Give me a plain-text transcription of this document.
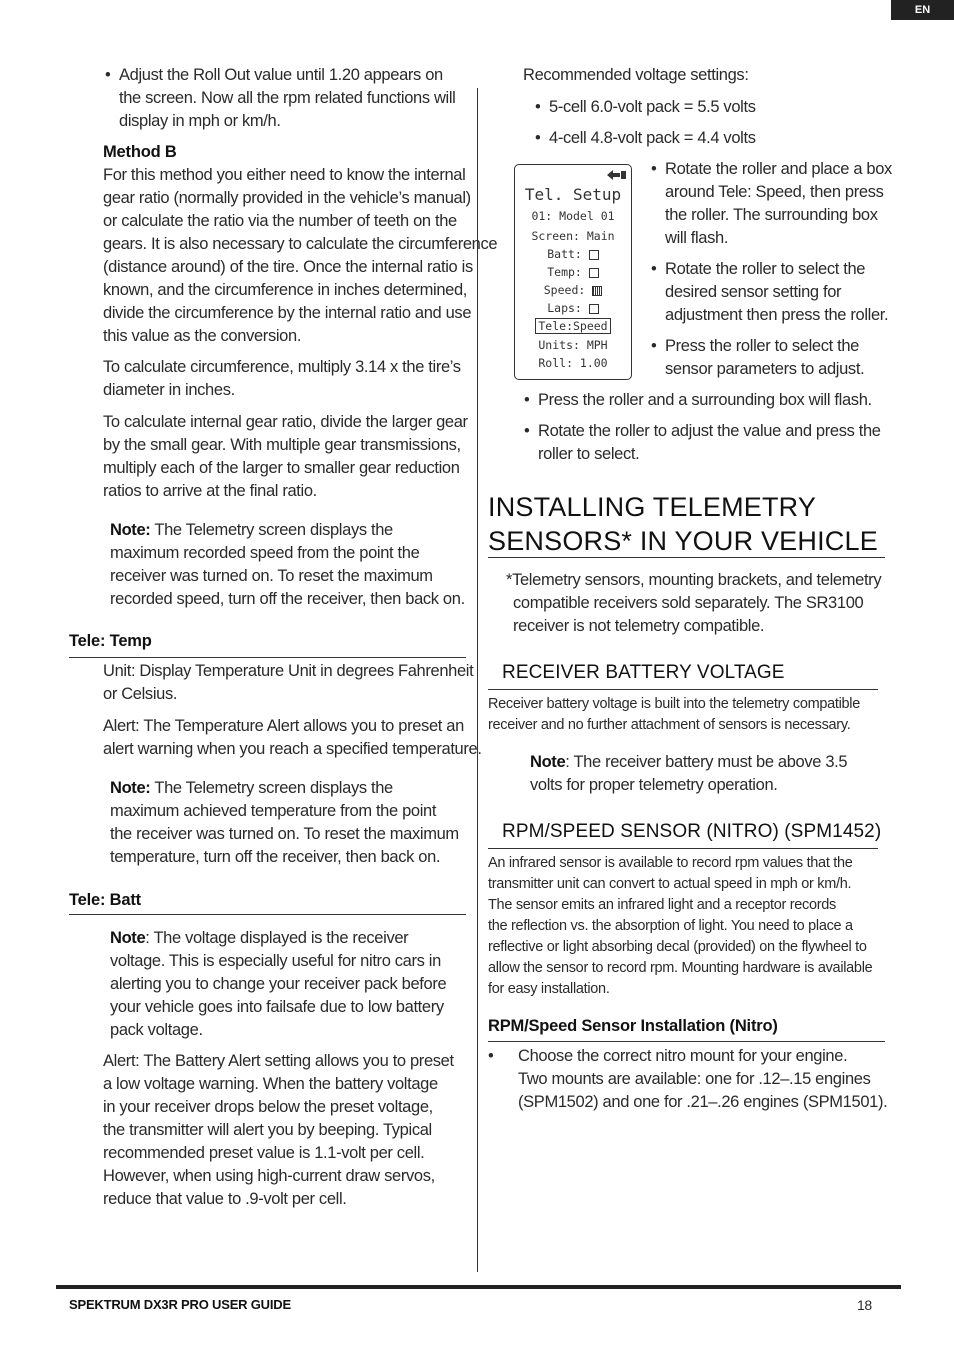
EN
• Adjust the Roll Out value until 1.20 appears on
the screen. Now all the rpm related functions will
display in mph or km/h.
Method B
For this method you either need to know the internal
gear ratio (normally provided in the vehicle’s manual)
or calculate the ratio via the number of teeth on the
gears. It is also necessary to calculate the circumference
(distance around) of the tire. Once the internal ratio is
known, and the circumference in inches determined,
divide the circumference by the internal ratio and use
this value as the conversion.
To calculate circumference, multiply 3.14 x the tire’s
diameter in inches.
To calculate internal gear ratio, divide the larger gear
by the small gear. With multiple gear transmissions,
multiply each of the larger to smaller gear reduction
ratios to arrive at the final ratio.
Note: The Telemetry screen displays the
maximum recorded speed from the point the
receiver was turned on. To reset the maximum
recorded speed, turn off the receiver, then back on.
Tele: Temp
Unit: Display Temperature Unit in degrees Fahrenheit
or Celsius.
Alert: The Temperature Alert allows you to preset an
alert warning when you reach a specified temperature.
Note: The Telemetry screen displays the
maximum achieved temperature from the point
the receiver was turned on. To reset the maximum
temperature, turn off the receiver, then back on.
Tele: Batt
Note: The voltage displayed is the receiver
voltage. This is especially useful for nitro cars in
alerting you to change your receiver pack before
your vehicle goes into failsafe due to low battery
pack voltage.
Alert: The Battery Alert setting allows you to preset
a low voltage warning. When the battery voltage
in your receiver drops below the preset voltage,
the transmitter will alert you by beeping. Typical
recommended preset value is 1.1-volt per cell.
However, when using high-current draw servos,
reduce that value to .9-volt per cell.
Recommended voltage settings:
• 5-cell 6.0-volt pack = 5.5 volts
• 4-cell 4.8-volt pack = 4.4 volts
Tel. Setup
01: Model 01
Screen: Main
Batt:
Temp:
Speed:
Laps:
Tele:Speed
Units: MPH
Roll: 1.00
• Rotate the roller and place a box
around Tele: Speed, then press
the roller. The surrounding box
will flash.
• Rotate the roller to select the
desired sensor setting for
adjustment then press the roller.
• Press the roller to select the
sensor parameters to adjust.
• Press the roller and a surrounding box will flash.
• Rotate the roller to adjust the value and press the
roller to select.
INSTALLING TELEMETRY
SENSORS* IN YOUR VEHICLE
*Telemetry sensors, mounting brackets, and telemetry
compatible receivers sold separately. The SR3100
receiver is not telemetry compatible.
RECEIVER BATTERY VOLTAGE
Receiver battery voltage is built into the telemetry compatible
receiver and no further attachment of sensors is necessary.
Note: The receiver battery must be above 3.5
volts for proper telemetry operation.
RPM/SPEED SENSOR (NITRO) (SPM1452)
An infrared sensor is available to record rpm values that the
transmitter unit can convert to actual speed in mph or km/h.
The sensor emits an infrared light and a receptor records
the reflection vs. the absorption of light. You need to place a
reflective or light absorbing decal (provided) on the flywheel to
allow the sensor to record rpm. Mounting hardware is available
for easy installation.
RPM/Speed Sensor Installation (Nitro)
• Choose the correct nitro mount for your engine.
Two mounts are available: one for .12–.15 engines
(SPM1502) and one for .21–.26 engines (SPM1501).
SPEKTRUM DX3R PRO USER GUIDE	18
